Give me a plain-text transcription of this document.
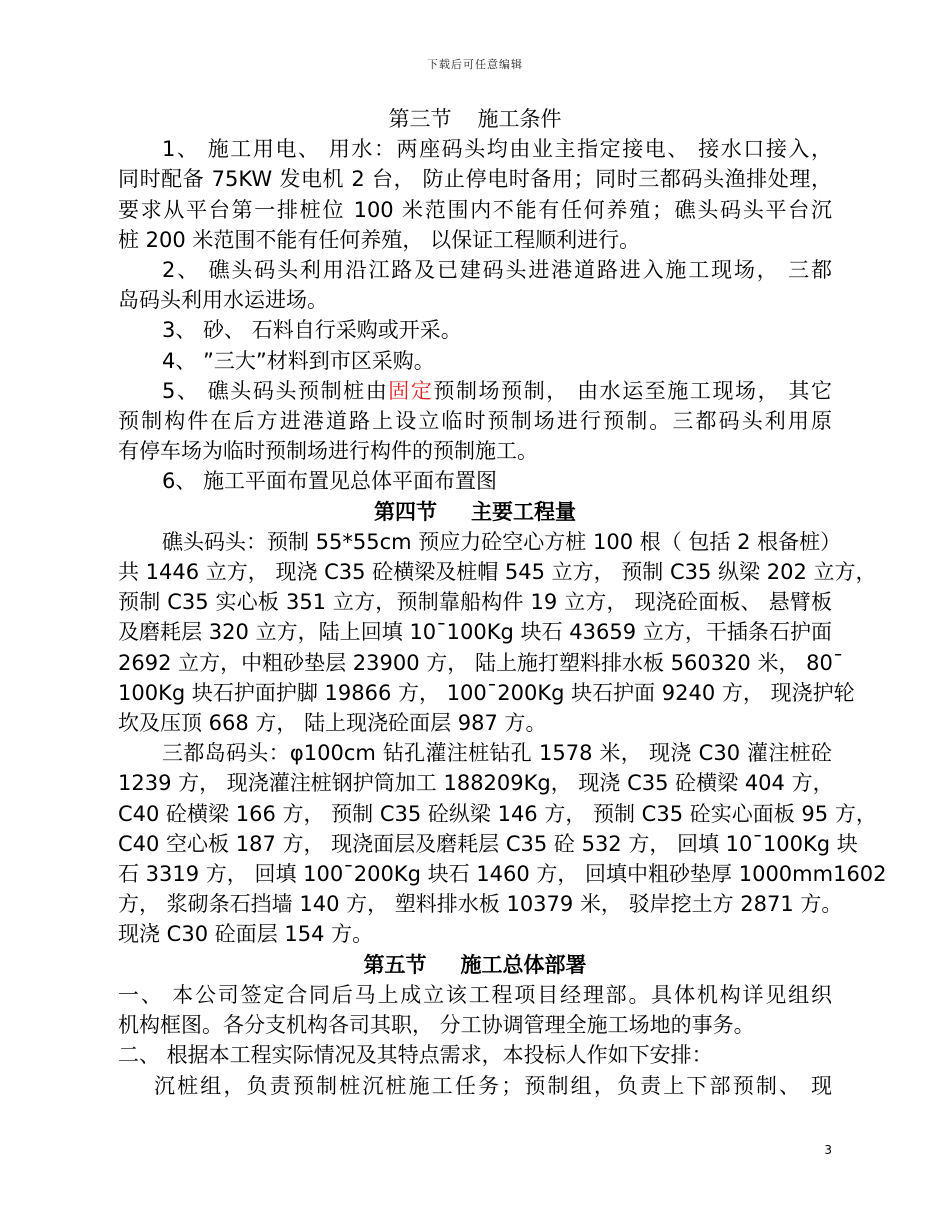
下载后可任意编辑
第三节 施工条件
1、 施工用电、 用水：两座码头均由业主指定接电、 接水口接入，
同时配备 75KW 发电机 2 台， 防止停电时备用；同时三都码头渔排处理，
要求从平台第一排桩位 100 米范围内不能有任何养殖；礁头码头平台沉
桩 200 米范围不能有任何养殖， 以保证工程顺利进行。
2、 礁头码头利用沿江路及已建码头进港道路进入施工现场， 三都
岛码头利用水运进场。
3、 砂、 石料自行采购或开采。
4、 ”三大”材料到市区采购。
5、 礁头码头预制桩由固定预制场预制， 由水运至施工现场， 其它
预制构件在后方进港道路上设立临时预制场进行预制。三都码头利用原
有停车场为临时预制场进行构件的预制施工。
6、 施工平面布置见总体平面布置图
第四节 主要工程量
礁头码头：预制 55*55cm 预应力砼空心方桩 100 根（ 包括 2 根备桩）
共 1446 立方， 现浇 C35 砼横梁及桩帽 545 立方， 预制 C35 纵梁 202 立方，
预制 C35 实心板 351 立方，预制靠船构件 19 立方， 现浇砼面板、 悬臂板
及磨耗层 320 立方，陆上回填 10¯100Kg 块石 43659 立方，干插条石护面
2692 立方，中粗砂垫层 23900 方， 陆上施打塑料排水板 560320 米， 80¯
100Kg 块石护面护脚 19866 方， 100¯200Kg 块石护面 9240 方， 现浇护轮
坎及压顶 668 方， 陆上现浇砼面层 987 方。
三都岛码头：φ100cm 钻孔灌注桩钻孔 1578 米， 现浇 C30 灌注桩砼
1239 方， 现浇灌注桩钢护筒加工 188209Kg， 现浇 C35 砼横梁 404 方，
C40 砼横梁 166 方， 预制 C35 砼纵梁 146 方， 预制 C35 砼实心面板 95 方，
C40 空心板 187 方， 现浇面层及磨耗层 C35 砼 532 方， 回填 10¯100Kg 块
石 3319 方， 回填 100¯200Kg 块石 1460 方， 回填中粗砂垫厚 1000mm1602
方， 浆砌条石挡墙 140 方， 塑料排水板 10379 米， 驳岸挖土方 2871 方。
现浇 C30 砼面层 154 方。
第五节 施工总体部署
一、 本公司签定合同后马上成立该工程项目经理部。具体机构详见组织
机构框图。各分支机构各司其职， 分工协调管理全施工场地的事务。
二、 根据本工程实际情况及其特点需求，本投标人作如下安排：
沉桩组，负责预制桩沉桩施工任务；预制组，负责上下部预制、 现
3
